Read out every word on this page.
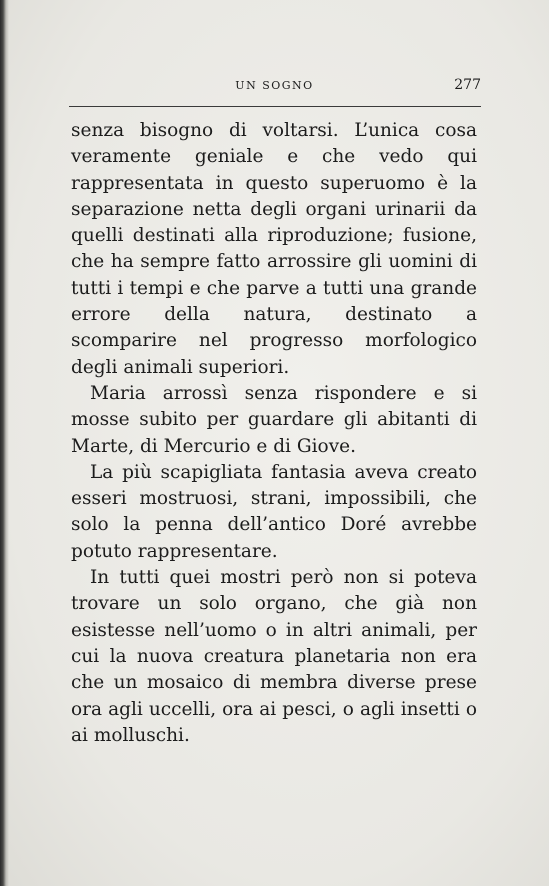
UN SOGNO	277

senza bisogno di voltarsi. L’unica cosa veramente geniale e che vedo qui rappresentata in questo superuomo è la separazione netta degli organi urinarii da quelli destinati alla riproduzione; fusione, che ha sempre fatto arrossire gli uomini di tutti i tempi e che parve a tutti una grande errore della natura, destinato a scomparire nel progresso morfologico degli animali superiori.

Maria arrossì senza rispondere e si mosse subito per guardare gli abitanti di Marte, di Mercurio e di Giove.

La più scapigliata fantasia aveva creato esseri mostruosi, strani, impossibili, che solo la penna dell’antico Doré avrebbe potuto rappresentare.

In tutti quei mostri però non si poteva trovare un solo organo, che già non esistesse nell’uomo o in altri animali, per cui la nuova creatura planetaria non era che un mosaico di membra diverse prese ora agli uccelli, ora ai pesci, o agli insetti o ai molluschi.
